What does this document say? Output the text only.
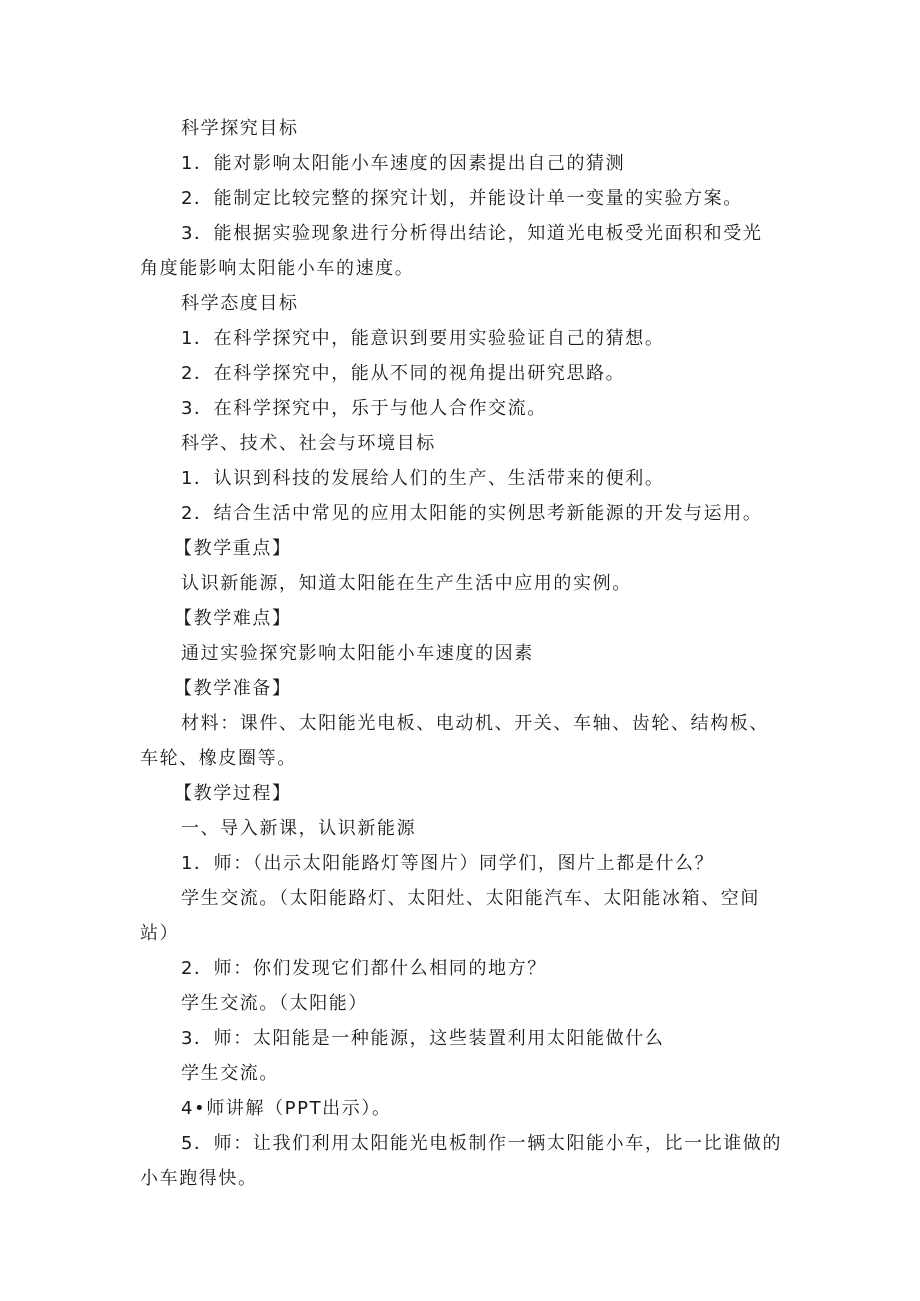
科学探究目标
1．能对影响太阳能小车速度的因素提出自己的猜测
2．能制定比较完整的探究计划，并能设计单一变量的实验方案。
3．能根据实验现象进行分析得出结论，知道光电板受光面积和受光
角度能影响太阳能小车的速度。
科学态度目标
1．在科学探究中，能意识到要用实验验证自己的猜想。
2．在科学探究中，能从不同的视角提出研究思路。
3．在科学探究中，乐于与他人合作交流。
科学、技术、社会与环境目标
1．认识到科技的发展给人们的生产、生活带来的便利。
2．结合生活中常见的应用太阳能的实例思考新能源的开发与运用。
【教学重点】
认识新能源，知道太阳能在生产生活中应用的实例。
【教学难点】
通过实验探究影响太阳能小车速度的因素
【教学准备】
材料：课件、太阳能光电板、电动机、开关、车轴、齿轮、结构板、
车轮、橡皮圈等。
【教学过程】
一、导入新课，认识新能源
1．师：（出示太阳能路灯等图片）同学们，图片上都是什么？
学生交流。（太阳能路灯、太阳灶、太阳能汽车、太阳能冰箱、空间
站）
2．师：你们发现它们都什么相同的地方？
学生交流。（太阳能）
3．师：太阳能是一种能源，这些装置利用太阳能做什么
学生交流。
4•师讲解（PPT出示）。
5．师：让我们利用太阳能光电板制作一辆太阳能小车，比一比谁做的
小车跑得快。
